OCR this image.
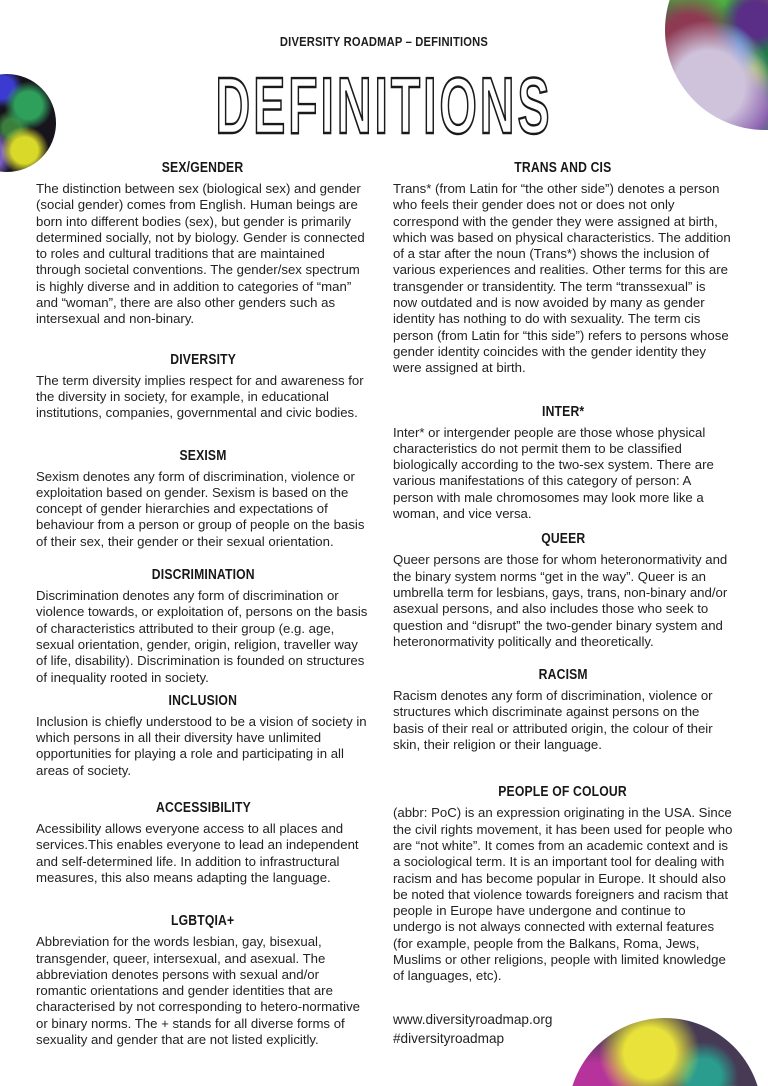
DIVERSITY ROADMAP – DEFINITIONS
DEFINITIONS
SEX/GENDER

The distinction between sex (biological sex) and gender (social gender) comes from English. Human beings are born into different bodies (sex), but gender is primarily determined socially, not by biology. Gender is connected to roles and cultural traditions that are maintained through societal conventions. The gender/sex spectrum is highly diverse and in addition to categories of “man” and “woman”, there are also other genders such as intersexual and non-binary.

DIVERSITY

The term diversity implies respect for and awareness for the diversity in society, for example, in educational institutions, companies, governmental and civic bodies.

SEXISM

Sexism denotes any form of discrimination, violence or exploitation based on gender. Sexism is based on the concept of gender hierarchies and expectations of behaviour from a person or group of people on the basis of their sex, their gender or their sexual orientation.

DISCRIMINATION

Discrimination denotes any form of discrimination or violence towards, or exploitation of, persons on the basis of characteristics attributed to their group (e.g. age, sexual orientation, gender, origin, religion, traveller way of life, disability). Discrimination is founded on structures of inequality rooted in society.

INCLUSION

Inclusion is chiefly understood to be a vision of society in which persons in all their diversity have unlimited opportunities for playing a role and participating in all areas of society.

ACCESSIBILITY

Acessibility allows everyone access to all places and services.This enables everyone to lead an independent and self-determined life. In addition to infrastructural measures, this also means adapting the language.

LGBTQIA+

Abbreviation for the words lesbian, gay, bisexual, transgender, queer, intersexual, and asexual. The abbreviation denotes persons with sexual and/or romantic orientations and gender identities that are characterised by not corresponding to hetero-normative or binary norms. The + stands for all diverse forms of sexuality and gender that are not listed explicitly.

TRANS AND CIS

Trans* (from Latin for “the other side”) denotes a person who feels their gender does not or does not only correspond with the gender they were assigned at birth, which was based on physical characteristics. The addition of a star after the noun (Trans*) shows the inclusion of various experiences and realities. Other terms for this are transgender or transidentity. The term “transsexual” is now outdated and is now avoided by many as gender identity has nothing to do with sexuality. The term cis person (from Latin for “this side”) refers to persons whose gender identity coincides with the gender identity they were assigned at birth.

INTER*

Inter* or intergender people are those whose physical characteristics do not permit them to be classified biologically according to the two-sex system. There are various manifestations of this category of person: A person with male chromosomes may look more like a woman, and vice versa.

QUEER

Queer persons are those for whom heteronormativity and the binary system norms “get in the way”. Queer is an umbrella term for lesbians, gays, trans, non-binary and/or asexual persons, and also includes those who seek to question and “disrupt” the two-gender binary system and heteronormativity politically and theoretically.

RACISM

Racism denotes any form of discrimination, violence or structures which discriminate against persons on the basis of their real or attributed origin, the colour of their skin, their religion or their language.

PEOPLE OF COLOUR

(abbr: PoC) is an expression originating in the USA. Since the civil rights movement, it has been used for people who are “not white”. It comes from an academic context and is a sociological term. It is an important tool for dealing with racism and has become popular in Europe. It should also be noted that violence towards foreigners and racism that people in Europe have undergone and continue to undergo is not always connected with external features (for example, people from the Balkans, Roma, Jews, Muslims or other religions, people with limited knowledge of languages, etc).

www.diversityroadmap.org
#diversityroadmap
